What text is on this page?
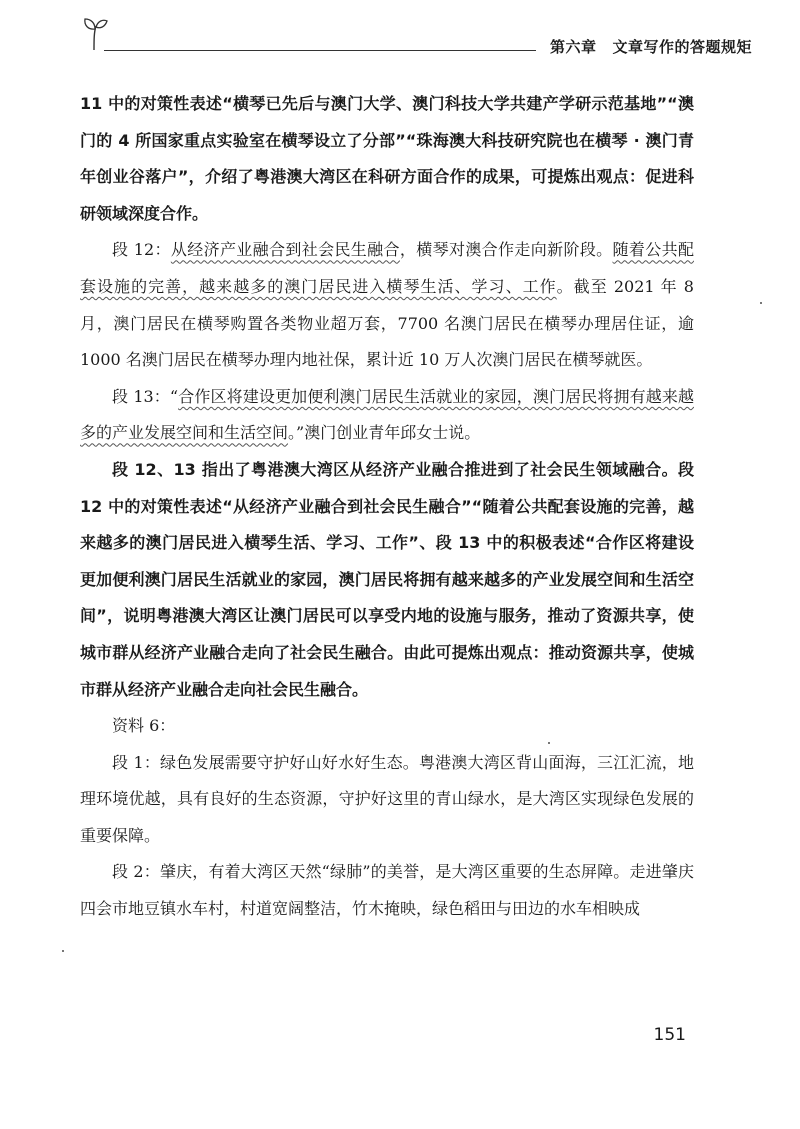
第六章 文章写作的答题规矩

11 中的对策性表述“横琴已先后与澳门大学、澳门科技大学共建产学研示范基地”“澳门的 4 所国家重点实验室在横琴设立了分部”“珠海澳大科技研究院也在横琴 · 澳门青年创业谷落户”，介绍了粤港澳大湾区在科研方面合作的成果，可提炼出观点：促进科研领域深度合作。

段 12：从经济产业融合到社会民生融合，横琴对澳合作走向新阶段。随着公共配套设施的完善，越来越多的澳门居民进入横琴生活、学习、工作。截至 2021 年 8 月，澳门居民在横琴购置各类物业超万套，7700 名澳门居民在横琴办理居住证，逾 1000 名澳门居民在横琴办理内地社保，累计近 10 万人次澳门居民在横琴就医。

段 13：“合作区将建设更加便利澳门居民生活就业的家园，澳门居民将拥有越来越多的产业发展空间和生活空间。”澳门创业青年邱女士说。

段 12、13 指出了粤港澳大湾区从经济产业融合推进到了社会民生领域融合。段 12 中的对策性表述“从经济产业融合到社会民生融合”“随着公共配套设施的完善，越来越多的澳门居民进入横琴生活、学习、工作”、段 13 中的积极表述“合作区将建设更加便利澳门居民生活就业的家园，澳门居民将拥有越来越多的产业发展空间和生活空间”，说明粤港澳大湾区让澳门居民可以享受内地的设施与服务，推动了资源共享，使城市群从经济产业融合走向了社会民生融合。由此可提炼出观点：推动资源共享，使城市群从经济产业融合走向社会民生融合。

资料 6：

段 1：绿色发展需要守护好山好水好生态。粤港澳大湾区背山面海，三江汇流，地理环境优越，具有良好的生态资源，守护好这里的青山绿水，是大湾区实现绿色发展的重要保障。

段 2：肇庆，有着大湾区天然“绿肺”的美誉，是大湾区重要的生态屏障。走进肇庆四会市地豆镇水车村，村道宽阔整洁，竹木掩映，绿色稻田与田边的水车相映成

151
